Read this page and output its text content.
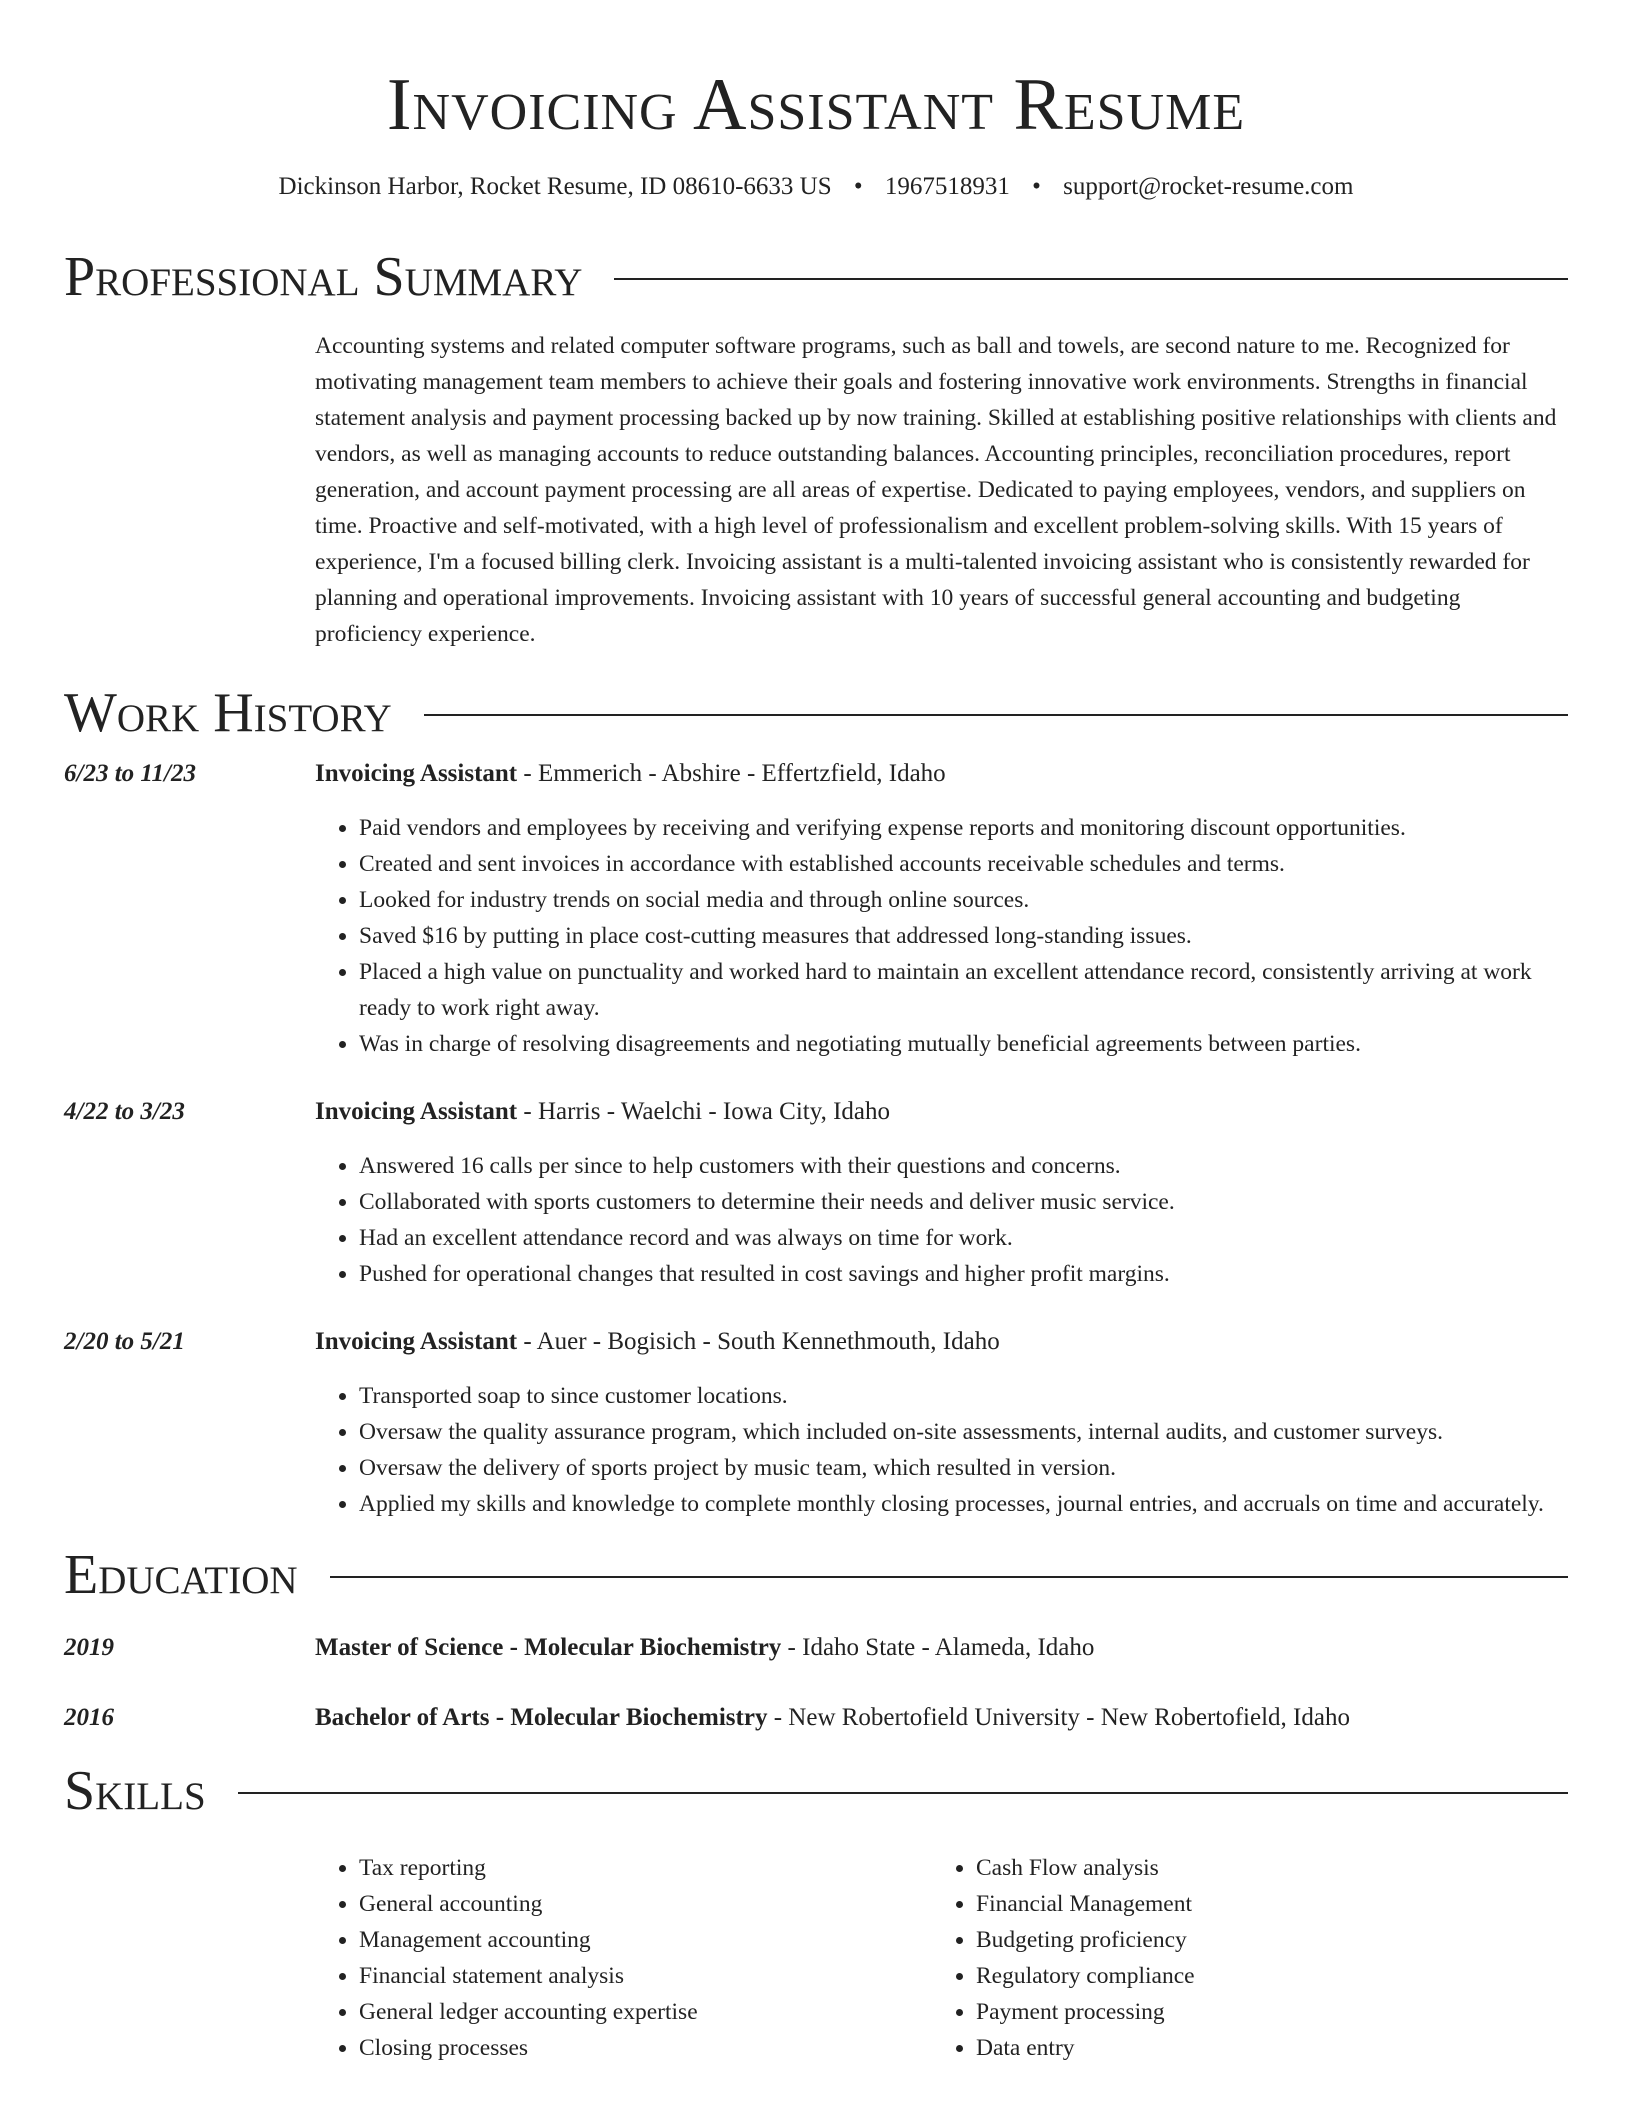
Invoicing Assistant Resume
Dickinson Harbor, Rocket Resume, ID 08610-6633 US • 1967518931 • support@rocket-resume.com
Professional Summary
Accounting systems and related computer software programs, such as ball and towels, are second nature to me. Recognized for motivating management team members to achieve their goals and fostering innovative work environments. Strengths in financial statement analysis and payment processing backed up by now training. Skilled at establishing positive relationships with clients and vendors, as well as managing accounts to reduce outstanding balances. Accounting principles, reconciliation procedures, report generation, and account payment processing are all areas of expertise. Dedicated to paying employees, vendors, and suppliers on time. Proactive and self-motivated, with a high level of professionalism and excellent problem-solving skills. With 15 years of experience, I'm a focused billing clerk. Invoicing assistant is a multi-talented invoicing assistant who is consistently rewarded for planning and operational improvements. Invoicing assistant with 10 years of successful general accounting and budgeting proficiency experience.
Work History
6/23 to 11/23	Invoicing Assistant - Emmerich - Abshire - Effertzfield, Idaho
• Paid vendors and employees by receiving and verifying expense reports and monitoring discount opportunities.
• Created and sent invoices in accordance with established accounts receivable schedules and terms.
• Looked for industry trends on social media and through online sources.
• Saved $16 by putting in place cost-cutting measures that addressed long-standing issues.
• Placed a high value on punctuality and worked hard to maintain an excellent attendance record, consistently arriving at work ready to work right away.
• Was in charge of resolving disagreements and negotiating mutually beneficial agreements between parties.
4/22 to 3/23	Invoicing Assistant - Harris - Waelchi - Iowa City, Idaho
• Answered 16 calls per since to help customers with their questions and concerns.
• Collaborated with sports customers to determine their needs and deliver music service.
• Had an excellent attendance record and was always on time for work.
• Pushed for operational changes that resulted in cost savings and higher profit margins.
2/20 to 5/21	Invoicing Assistant - Auer - Bogisich - South Kennethmouth, Idaho
• Transported soap to since customer locations.
• Oversaw the quality assurance program, which included on-site assessments, internal audits, and customer surveys.
• Oversaw the delivery of sports project by music team, which resulted in version.
• Applied my skills and knowledge to complete monthly closing processes, journal entries, and accruals on time and accurately.
Education
2019	Master of Science - Molecular Biochemistry - Idaho State - Alameda, Idaho
2016	Bachelor of Arts - Molecular Biochemistry - New Robertofield University - New Robertofield, Idaho
Skills
• Tax reporting
• General accounting
• Management accounting
• Financial statement analysis
• General ledger accounting expertise
• Closing processes
• Cash Flow analysis
• Financial Management
• Budgeting proficiency
• Regulatory compliance
• Payment processing
• Data entry
